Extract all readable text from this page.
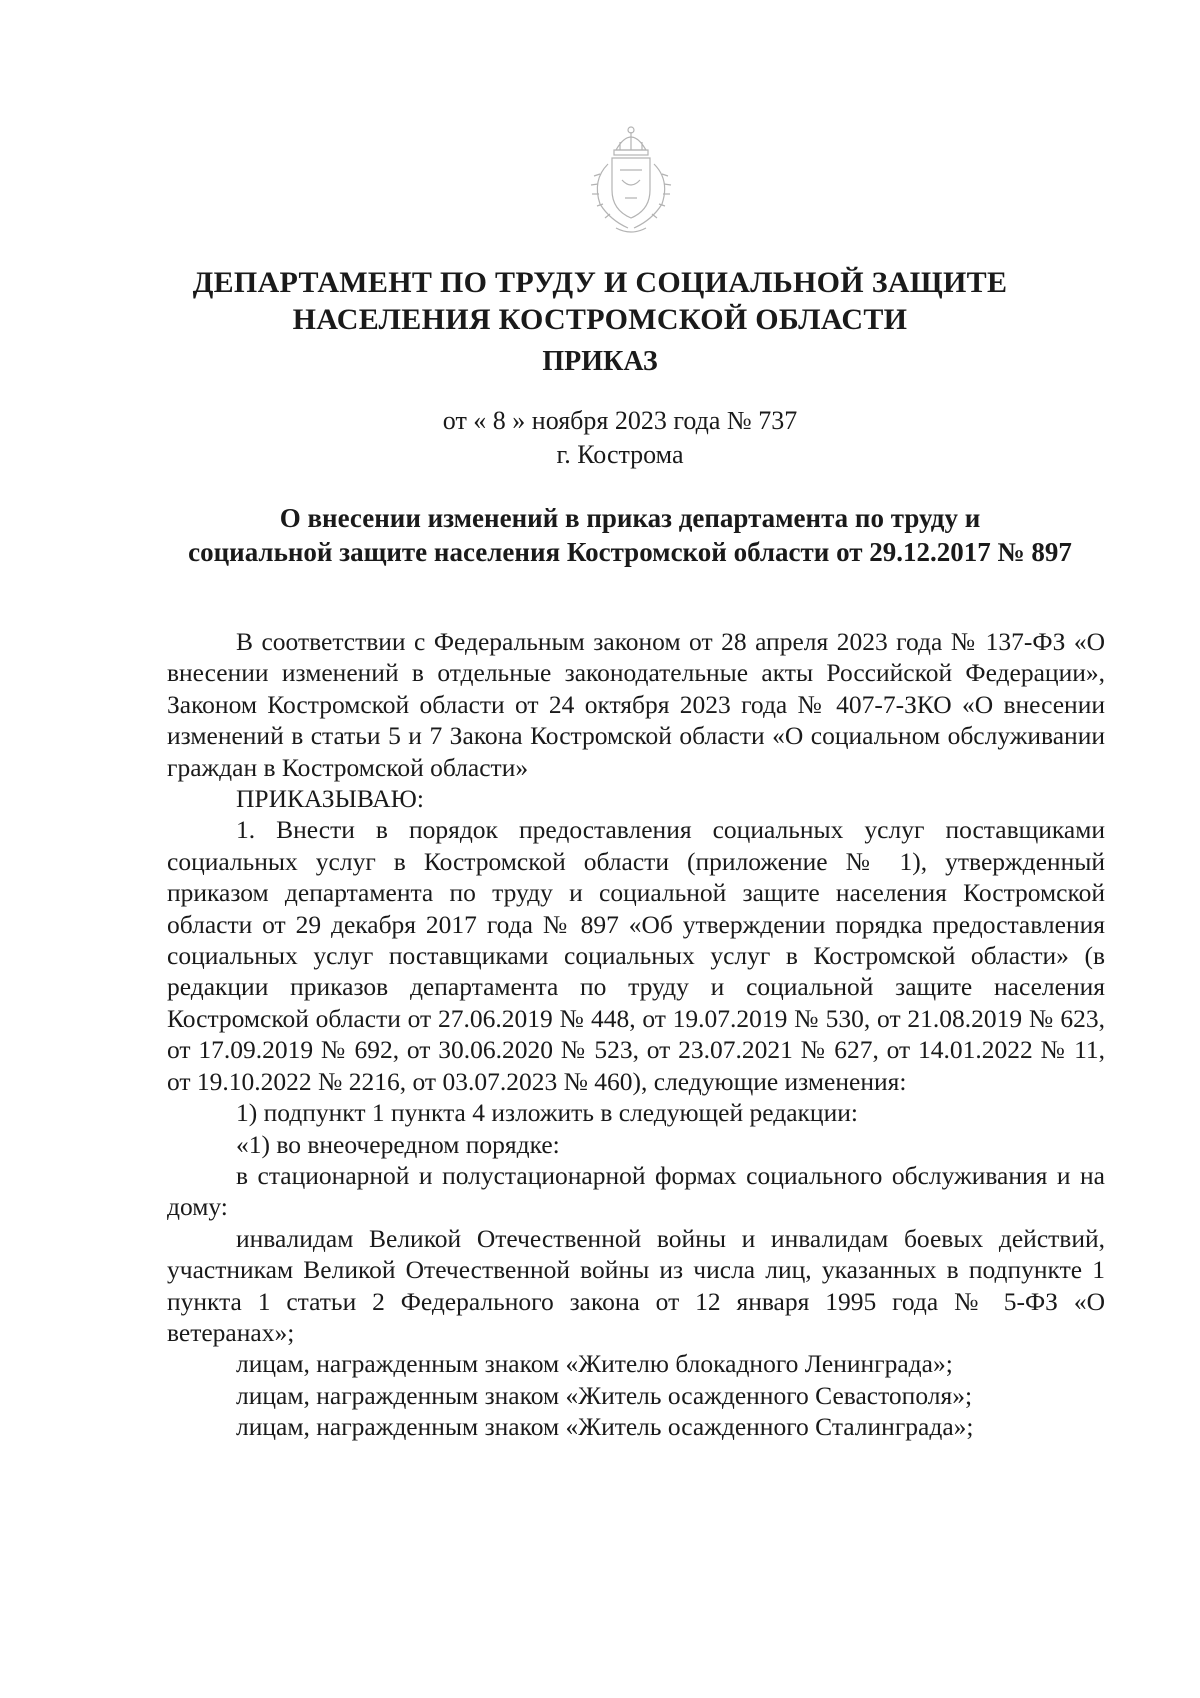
ДЕПАРТАМЕНТ ПО ТРУДУ И СОЦИАЛЬНОЙ ЗАЩИТЕ
НАСЕЛЕНИЯ КОСТРОМСКОЙ ОБЛАСТИ
ПРИКАЗ
от « 8 » ноября 2023 года № 737
г. Кострома
О внесении изменений в приказ департамента по труду и
социальной защите населения Костромской области от 29.12.2017 № 897

В соответствии с Федеральным законом от 28 апреля 2023 года № 137-ФЗ «О внесении изменений в отдельные законодательные акты Российской Федерации», Законом Костромской области от 24 октября 2023 года № 407-7-ЗКО «О внесении изменений в статьи 5 и 7 Закона Костромской области «О социальном обслуживании граждан в Костромской области»

ПРИКАЗЫВАЮ:

1. Внести в порядок предоставления социальных услуг поставщиками социальных услуг в Костромской области (приложение № 1), утвержденный приказом департамента по труду и социальной защите населения Костромской области от 29 декабря 2017 года № 897 «Об утверждении порядка предоставления социальных услуг поставщиками социальных услуг в Костромской области» (в редакции приказов департамента по труду и социальной защите населения Костромской области от 27.06.2019 № 448, от 19.07.2019 № 530, от 21.08.2019 № 623, от 17.09.2019 № 692, от 30.06.2020 № 523, от 23.07.2021 № 627, от 14.01.2022 № 11, от 19.10.2022 № 2216, от 03.07.2023 № 460), следующие изменения:

1) подпункт 1 пункта 4 изложить в следующей редакции:

«1) во внеочередном порядке:

в стационарной и полустационарной формах социального обслуживания и на дому:

инвалидам Великой Отечественной войны и инвалидам боевых действий, участникам Великой Отечественной войны из числа лиц, указанных в подпункте 1 пункта 1 статьи 2 Федерального закона от 12 января 1995 года № 5-ФЗ «О ветеранах»;

лицам, награжденным знаком «Жителю блокадного Ленинграда»;

лицам, награжденным знаком «Житель осажденного Севастополя»;

лицам, награжденным знаком «Житель осажденного Сталинграда»;
